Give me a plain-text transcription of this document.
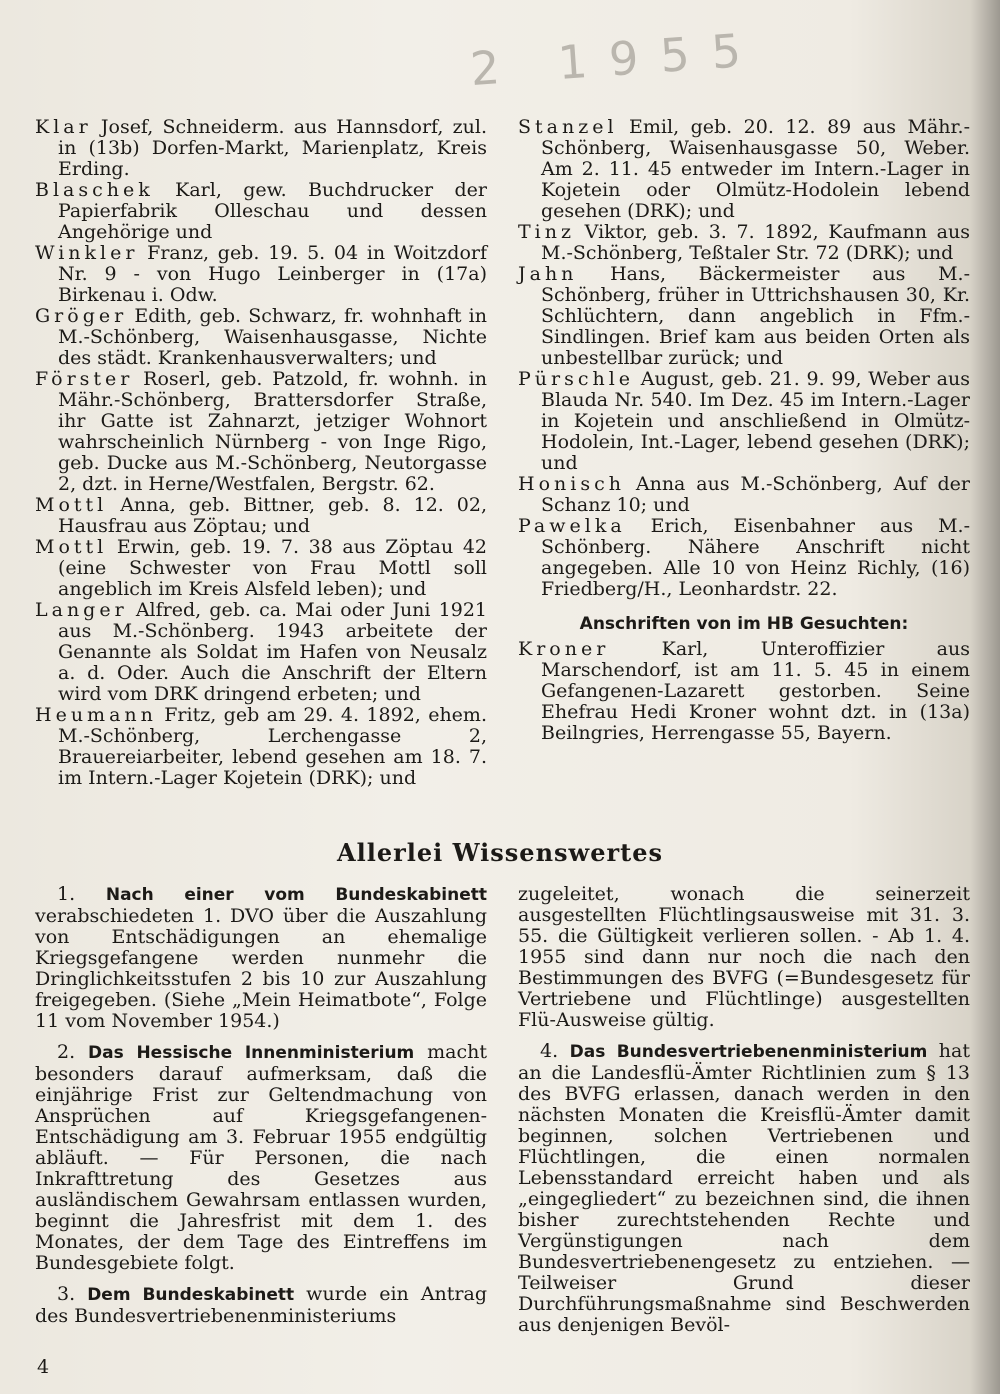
2 1955

Klar Josef, Schneiderm. aus Hannsdorf, zul. in (13b) Dorfen-Markt, Marienplatz, Kreis Erding.

Blaschek Karl, gew. Buchdrucker der Papierfabrik Olleschau und dessen Angehörige und

Winkler Franz, geb. 19. 5. 04 in Woitzdorf Nr. 9 - von Hugo Leinberger in (17a) Birkenau i. Odw.

Gröger Edith, geb. Schwarz, fr. wohnhaft in M.-Schönberg, Waisenhausgasse, Nichte des städt. Krankenhausverwalters; und

Förster Roserl, geb. Patzold, fr. wohnh. in Mähr.-Schönberg, Brattersdorfer Straße, ihr Gatte ist Zahnarzt, jetziger Wohnort wahrscheinlich Nürnberg - von Inge Rigo, geb. Ducke aus M.-Schönberg, Neutorgasse 2, dzt. in Herne/Westfalen, Bergstr. 62.

Mottl Anna, geb. Bittner, geb. 8. 12. 02, Hausfrau aus Zöptau; und

Mottl Erwin, geb. 19. 7. 38 aus Zöptau 42 (eine Schwester von Frau Mottl soll angeblich im Kreis Alsfeld leben); und

Langer Alfred, geb. ca. Mai oder Juni 1921 aus M.-Schönberg. 1943 arbeitete der Genannte als Soldat im Hafen von Neusalz a. d. Oder. Auch die Anschrift der Eltern wird vom DRK dringend erbeten; und

Heumann Fritz, geb am 29. 4. 1892, ehem. M.-Schönberg, Lerchengasse 2, Brauereiarbeiter, lebend gesehen am 18. 7. im Intern.-Lager Kojetein (DRK); und

Stanzel Emil, geb. 20. 12. 89 aus Mähr.-Schönberg, Waisenhausgasse 50, Weber. Am 2. 11. 45 entweder im Intern.-Lager in Kojetein oder Olmütz-Hodolein lebend gesehen (DRK); und

Tinz Viktor, geb. 3. 7. 1892, Kaufmann aus M.-Schönberg, Teßtaler Str. 72 (DRK); und

Jahn Hans, Bäckermeister aus M.-Schönberg, früher in Uttrichshausen 30, Kr. Schlüchtern, dann angeblich in Ffm.-Sindlingen. Brief kam aus beiden Orten als unbestellbar zurück; und

Pürschle August, geb. 21. 9. 99, Weber aus Blauda Nr. 540. Im Dez. 45 im Intern.-Lager in Kojetein und anschließend in Olmütz-Hodolein, Int.-Lager, lebend gesehen (DRK); und

Honisch Anna aus M.-Schönberg, Auf der Schanz 10; und

Pawelka Erich, Eisenbahner aus M.-Schönberg. Nähere Anschrift nicht angegeben. Alle 10 von Heinz Richly, (16) Friedberg/H., Leonhardstr. 22.

Anschriften von im HB Gesuchten:

Kroner Karl, Unteroffizier aus Marschendorf, ist am 11. 5. 45 in einem Gefangenen-Lazarett gestorben. Seine Ehefrau Hedi Kroner wohnt dzt. in (13a) Beilngries, Herrengasse 55, Bayern.

Allerlei Wissenswertes

1. Nach einer vom Bundeskabinett verabschiedeten 1. DVO über die Auszahlung von Entschädigungen an ehemalige Kriegsgefangene werden nunmehr die Dringlichkeitsstufen 2 bis 10 zur Auszahlung freigegeben. (Siehe „Mein Heimatbote“, Folge 11 vom November 1954.)

2. Das Hessische Innenministerium macht besonders darauf aufmerksam, daß die einjährige Frist zur Geltendmachung von Ansprüchen auf Kriegsgefangenen-Entschädigung am 3. Februar 1955 endgültig abläuft. — Für Personen, die nach Inkrafttretung des Gesetzes aus ausländischem Gewahrsam entlassen wurden, beginnt die Jahresfrist mit dem 1. des Monates, der dem Tage des Eintreffens im Bundesgebiete folgt.

3. Dem Bundeskabinett wurde ein Antrag des Bundesvertriebenenministeriums

zugeleitet, wonach die seinerzeit ausgestellten Flüchtlingsausweise mit 31. 3. 55. die Gültigkeit verlieren sollen. - Ab 1. 4. 1955 sind dann nur noch die nach den Bestimmungen des BVFG (=Bundesgesetz für Vertriebene und Flüchtlinge) ausgestellten Flü-Ausweise gültig.

4. Das Bundesvertriebenenministerium hat an die Landesflü-Ämter Richtlinien zum § 13 des BVFG erlassen, danach werden in den nächsten Monaten die Kreisflü-Ämter damit beginnen, solchen Vertriebenen und Flüchtlingen, die einen normalen Lebensstandard erreicht haben und als „eingegliedert“ zu bezeichnen sind, die ihnen bisher zurechtstehenden Rechte und Vergünstigungen nach dem Bundesvertriebenengesetz zu entziehen. — Teilweiser Grund dieser Durchführungsmaßnahme sind Beschwerden aus denjenigen Bevöl-

4
